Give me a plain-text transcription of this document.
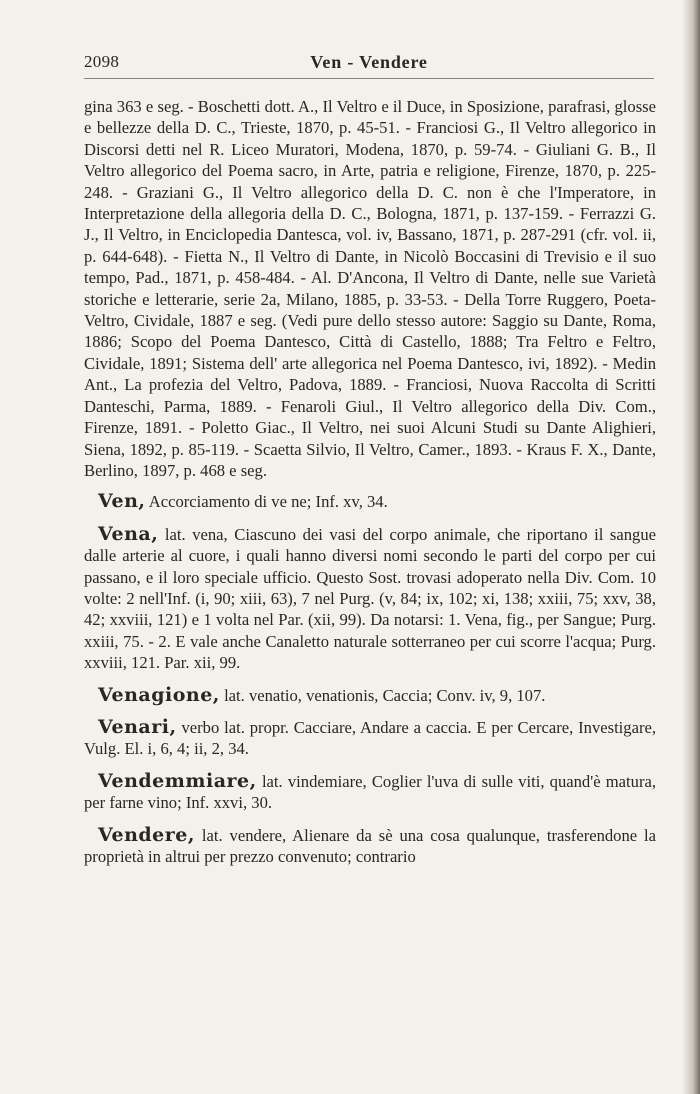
2098	Ven - Vendere

gina 363 e seg. - Boschetti dott. A., Il Veltro e il Duce, in Sposizione, parafrasi, glosse e bellezze della D. C., Trieste, 1870, p. 45-51. - Franciosi G., Il Veltro allegorico in Discorsi detti nel R. Liceo Muratori, Modena, 1870, p. 59-74. - Giuliani G. B., Il Veltro allegorico del Poema sacro, in Arte, patria e religione, Firenze, 1870, p. 225-248. - Graziani G., Il Veltro allegorico della D. C. non è che l'Imperatore, in Interpretazione della allegoria della D. C., Bologna, 1871, p. 137-159. - Ferrazzi G. J., Il Veltro, in Enciclopedia Dantesca, vol. iv, Bassano, 1871, p. 287-291 (cfr. vol. ii, p. 644-648). - Fietta N., Il Veltro di Dante, in Nicolò Boccasini di Trevisio e il suo tempo, Pad., 1871, p. 458-484. - Al. D'Ancona, Il Veltro di Dante, nelle sue Varietà storiche e letterarie, serie 2a, Milano, 1885, p. 33-53. - Della Torre Ruggero, Poeta-Veltro, Cividale, 1887 e seg. (Vedi pure dello stesso autore: Saggio su Dante, Roma, 1886; Scopo del Poema Dantesco, Città di Castello, 1888; Tra Feltro e Feltro, Cividale, 1891; Sistema dell' arte allegorica nel Poema Dantesco, ivi, 1892). - Medin Ant., La profezia del Veltro, Padova, 1889. - Franciosi, Nuova Raccolta di Scritti Danteschi, Parma, 1889. - Fenaroli Giul., Il Veltro allegorico della Div. Com., Firenze, 1891. - Poletto Giac., Il Veltro, nei suoi Alcuni Studi su Dante Alighieri, Siena, 1892, p. 85-119. - Scaetta Silvio, Il Veltro, Camer., 1893. - Kraus F. X., Dante, Berlino, 1897, p. 468 e seg.

Ven, Accorciamento di ve ne; Inf. xv, 34.

Vena, lat. vena, Ciascuno dei vasi del corpo animale, che riportano il sangue dalle arterie al cuore, i quali hanno diversi nomi secondo le parti del corpo per cui passano, e il loro speciale ufficio. Questo Sost. trovasi adoperato nella Div. Com. 10 volte: 2 nell'Inf. (i, 90; xiii, 63), 7 nel Purg. (v, 84; ix, 102; xi, 138; xxiii, 75; xxv, 38, 42; xxviii, 121) e 1 volta nel Par. (xii, 99). Da notarsi: 1. Vena, fig., per Sangue; Purg. xxiii, 75. - 2. E vale anche Canaletto naturale sotterraneo per cui scorre l'acqua; Purg. xxviii, 121. Par. xii, 99.

Venagione, lat. venatio, venationis, Caccia; Conv. iv, 9, 107.

Venari, verbo lat. propr. Cacciare, Andare a caccia. E per Cercare, Investigare, Vulg. El. i, 6, 4; ii, 2, 34.

Vendemmiare, lat. vindemiare, Coglier l'uva di sulle viti, quand'è matura, per farne vino; Inf. xxvi, 30.

Vendere, lat. vendere, Alienare da sè una cosa qualunque, trasferendone la proprietà in altrui per prezzo convenuto; contrario
